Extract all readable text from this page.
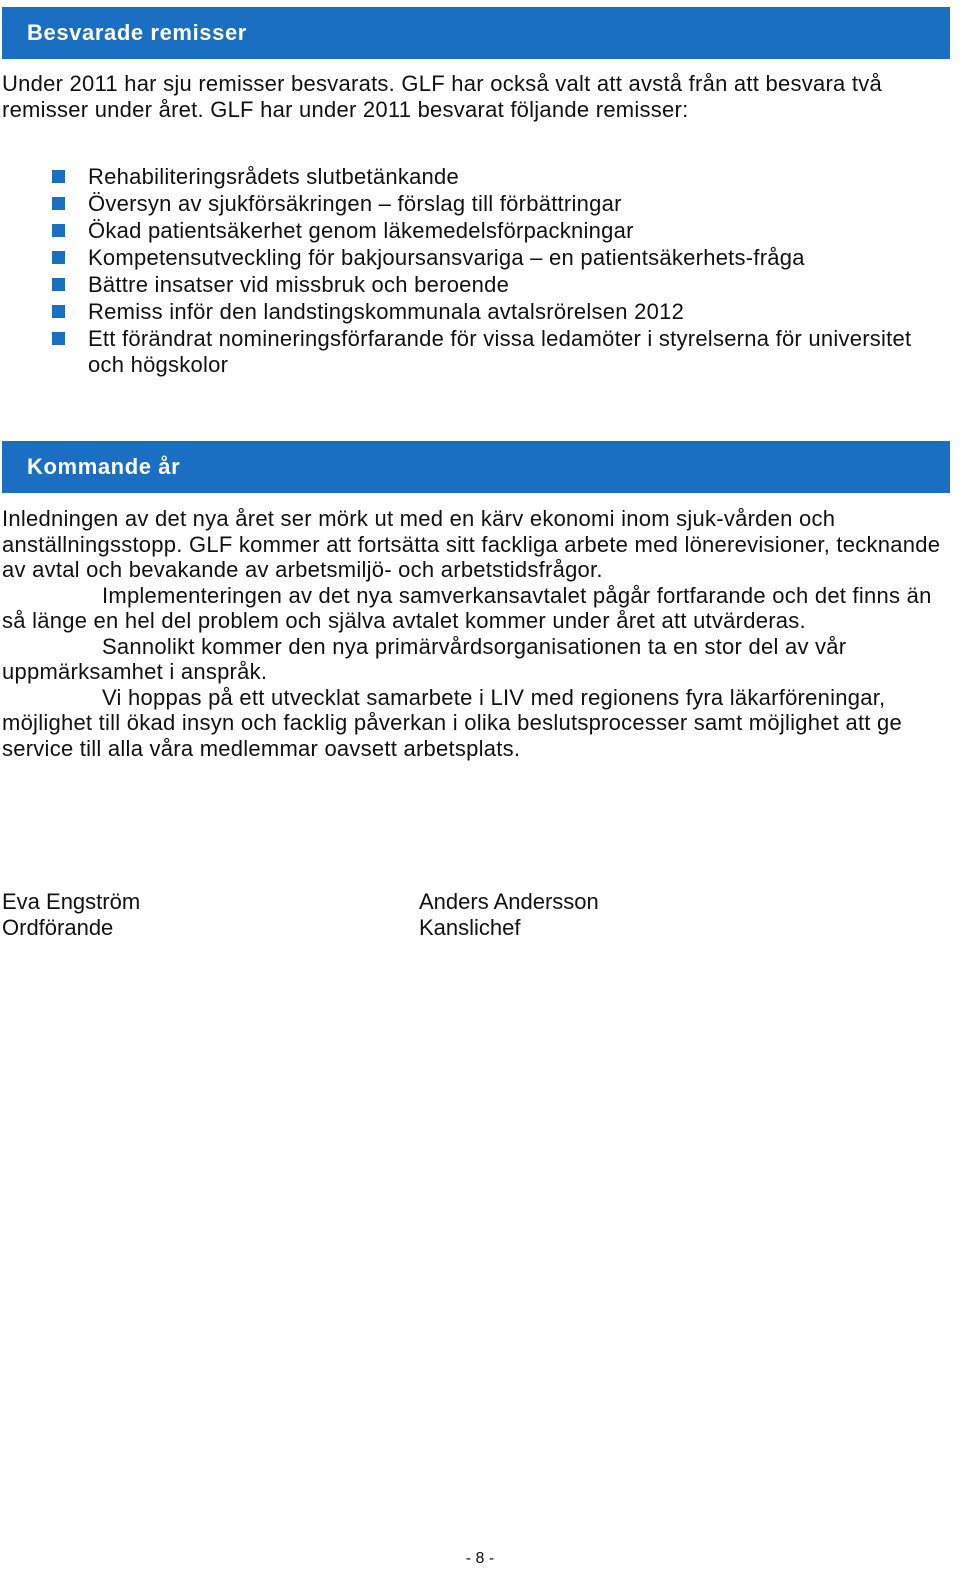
Besvarade remisser

Under 2011 har sju remisser besvarats. GLF har också valt att avstå från att besvara två remisser under året. GLF har under 2011 besvarat följande remisser:

Rehabiliteringsrådets slutbetänkande
Översyn av sjukförsäkringen – förslag till förbättringar
Ökad patientsäkerhet genom läkemedelsförpackningar
Kompetensutveckling för bakjoursansvariga – en patientsäkerhets-fråga
Bättre insatser vid missbruk och beroende
Remiss inför den landstingskommunala avtalsrörelsen 2012
Ett förändrat nomineringsförfarande för vissa ledamöter i styrelserna för universitet och högskolor
Kommande år

Inledningen av det nya året ser mörk ut med en kärv ekonomi inom sjuk-vården och anställningsstopp. GLF kommer att fortsätta sitt fackliga arbete med lönerevisioner, tecknande av avtal och bevakande av arbetsmiljö- och arbetstidsfrågor.

Implementeringen av det nya samverkansavtalet pågår fortfarande och det finns än så länge en hel del problem och själva avtalet kommer under året att utvärderas.

Sannolikt kommer den nya primärvårdsorganisationen ta en stor del av vår uppmärksamhet i anspråk.

Vi hoppas på ett utvecklat samarbete i LIV med regionens fyra läkarföreningar, möjlighet till ökad insyn och facklig påverkan i olika beslutsprocesser samt möjlighet att ge service till alla våra medlemmar oavsett arbetsplats.

Eva Engström
Ordförande
Anders Andersson
Kanslichef
- 8 -
